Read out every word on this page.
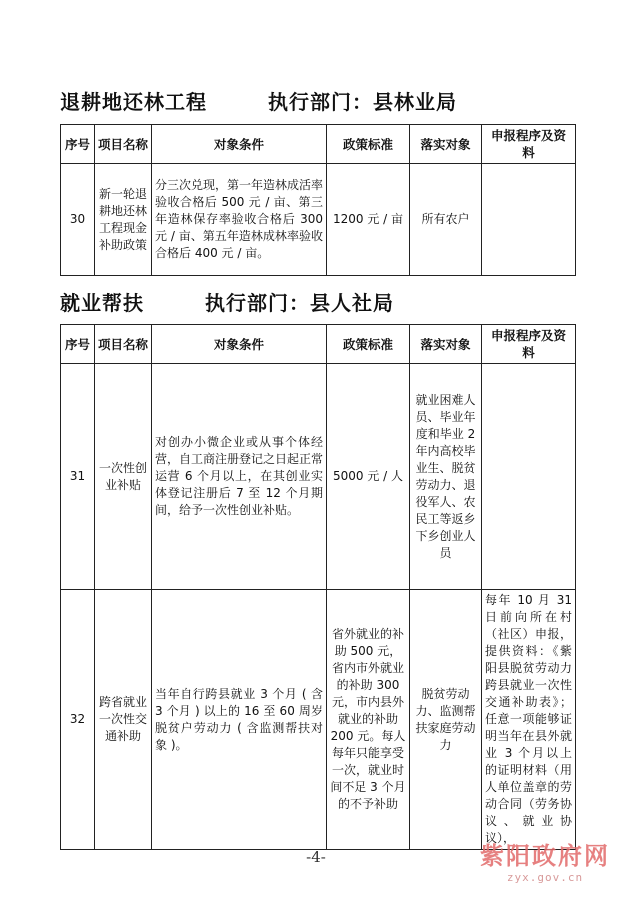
退耕地还林工程	执行部门：县林业局
序号	项目名称	对象条件	政策标准	落实对象	申报程序及资料
30	新一轮退耕地还林工程现金补助政策	分三次兑现，第一年造林成活率验收合格后 500 元 / 亩、第三年造林保存率验收合格后 300 元 / 亩、第五年造林成林率验收合格后 400 元 / 亩。	1200 元 / 亩	所有农户	
就业帮扶	执行部门：县人社局
序号	项目名称	对象条件	政策标准	落实对象	申报程序及资料
31	一次性创业补贴	对创办小微企业或从事个体经营，自工商注册登记之日起正常运营 6 个月以上，在其创业实体登记注册后 7 至 12 个月期间，给予一次性创业补贴。	5000 元 / 人	就业困难人员、毕业年度和毕业 2 年内高校毕业生、脱贫劳动力、退役军人、农民工等返乡下乡创业人员	
32	跨省就业一次性交通补助	当年自行跨县就业 3 个月 ( 含 3 个月 ) 以上的 16 至 60 周岁脱贫户劳动力 ( 含监测帮扶对象 )。	省外就业的补助 500 元，省内市外就业的补助 300 元，市内县外就业的补助 200 元。每人每年只能享受一次，就业时间不足 3 个月的不予补助	脱贫劳动力、监测帮扶家庭劳动力	每年 10 月 31 日前向所在村（社区）申报，提供资料：《紫阳县脱贫劳动力跨县就业一次性交通补助表》；任意一项能够证明当年在县外就业 3 个月以上的证明材料（用人单位盖章的劳动合同（劳务协议、就业协议），
-4-	紫阳政府网
zyx.gov.cn
